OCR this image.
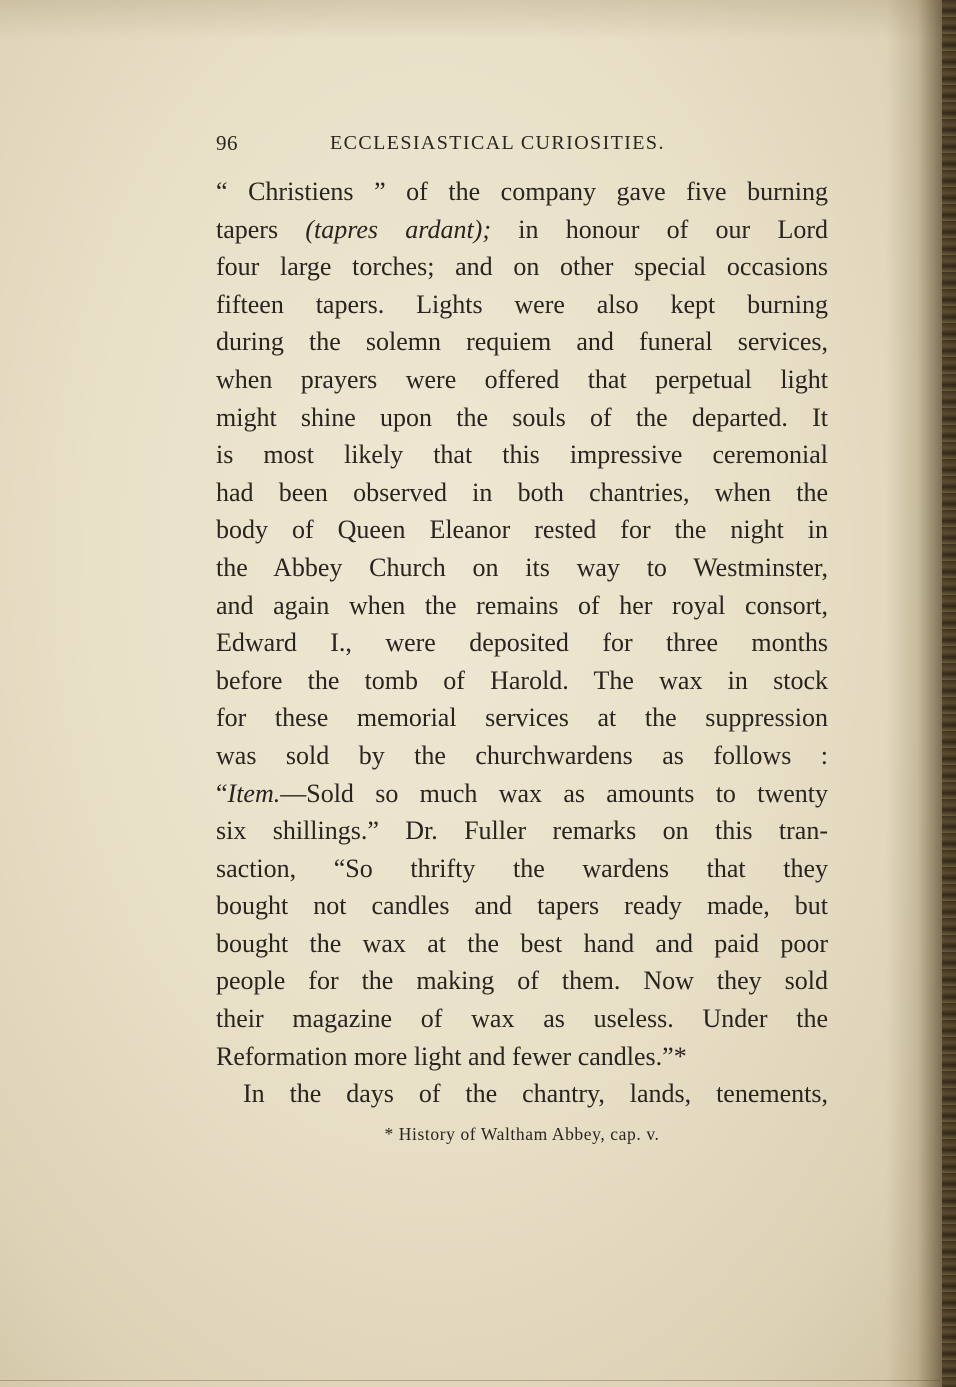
96	ECCLESIASTICAL CURIOSITIES.
“ Christiens ” of the company gave five burning
tapers (tapres ardant); in honour of our Lord
four large torches; and on other special occasions
fifteen tapers. Lights were also kept burning
during the solemn requiem and funeral services,
when prayers were offered that perpetual light
might shine upon the souls of the departed. It
is most likely that this impressive ceremonial
had been observed in both chantries, when the
body of Queen Eleanor rested for the night in
the Abbey Church on its way to Westminster,
and again when the remains of her royal consort,
Edward I., were deposited for three months
before the tomb of Harold. The wax in stock
for these memorial services at the suppression
was sold by the churchwardens as follows :
“Item.—Sold so much wax as amounts to twenty
six shillings.” Dr. Fuller remarks on this tran-
saction, “So thrifty the wardens that they
bought not candles and tapers ready made, but
bought the wax at the best hand and paid poor
people for the making of them. Now they sold
their magazine of wax as useless. Under the
Reformation more light and fewer candles.”*
In the days of the chantry, lands, tenements,
* History of Waltham Abbey, cap. v.
